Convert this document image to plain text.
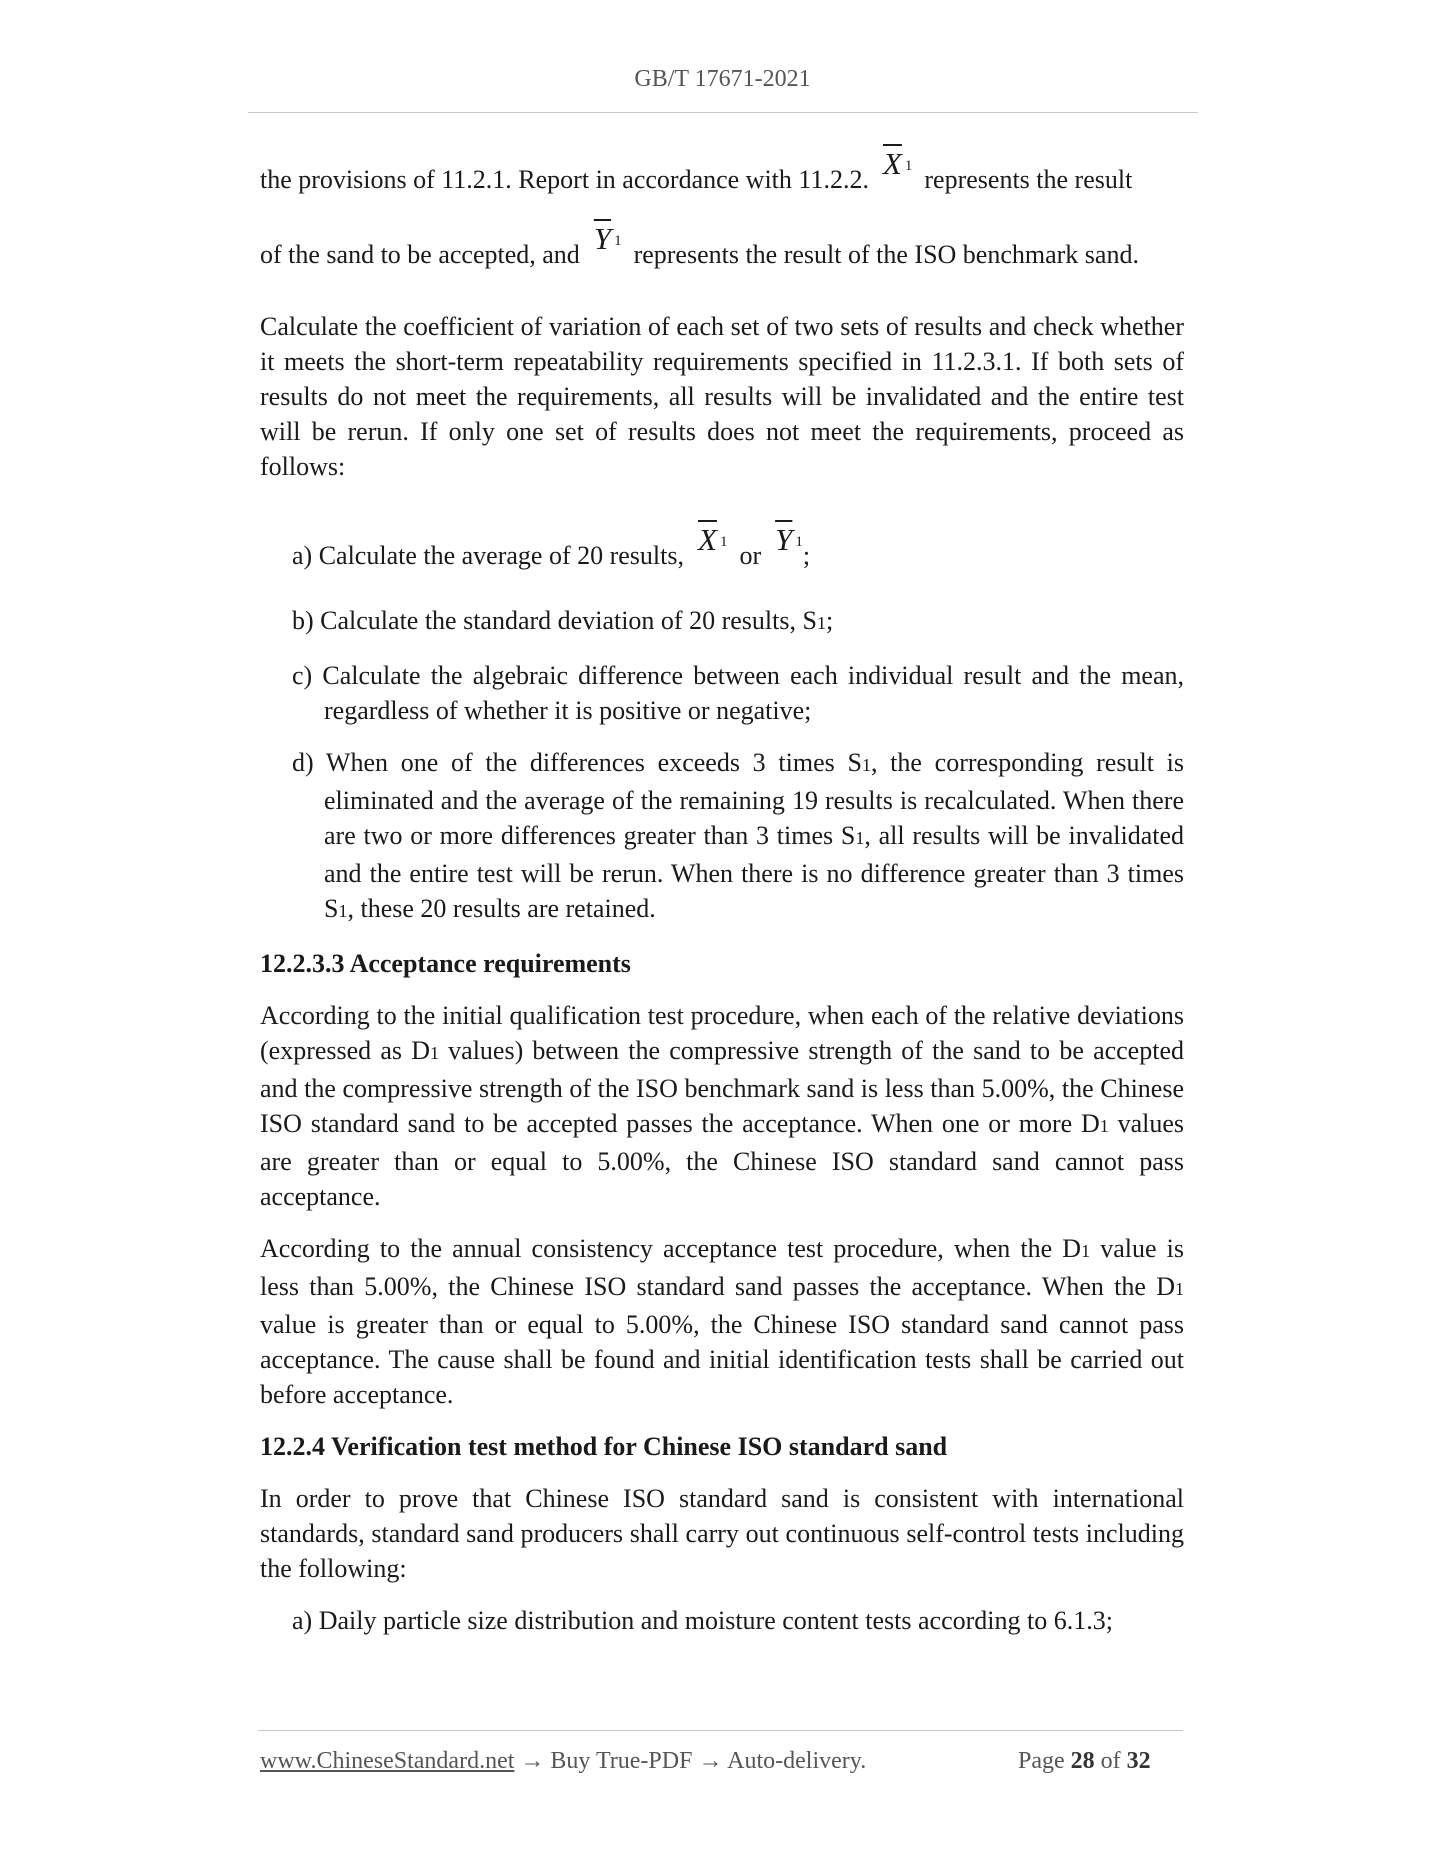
GB/T 17671-2021

the provisions of 11.2.1. Report in accordance with 11.2.2. $\overline{X}$ $^1$ represents the result

of the sand to be accepted, and $\overline{Y}$ $^1$ represents the result of the ISO benchmark sand.

Calculate the coefficient of variation of each set of two sets of results and check whether it meets the short-term repeatability requirements specified in 11.2.3.1. If both sets of results do not meet the requirements, all results will be invalidated and the entire test will be rerun. If only one set of results does not meet the requirements, proceed as follows:

a) Calculate the average of 20 results, $\overline{X}$ $^1$ or $\overline{Y}$ $^1$;

b) Calculate the standard deviation of 20 results, S1;

c) Calculate the algebraic difference between each individual result and the mean, regardless of whether it is positive or negative;

d) When one of the differences exceeds 3 times S1, the corresponding result is eliminated and the average of the remaining 19 results is recalculated. When there are two or more differences greater than 3 times S1, all results will be invalidated and the entire test will be rerun. When there is no difference greater than 3 times S1, these 20 results are retained.

12.2.3.3 Acceptance requirements

According to the initial qualification test procedure, when each of the relative deviations (expressed as D1 values) between the compressive strength of the sand to be accepted and the compressive strength of the ISO benchmark sand is less than 5.00%, the Chinese ISO standard sand to be accepted passes the acceptance. When one or more D1 values are greater than or equal to 5.00%, the Chinese ISO standard sand cannot pass acceptance.

According to the annual consistency acceptance test procedure, when the D1 value is less than 5.00%, the Chinese ISO standard sand passes the acceptance. When the D1 value is greater than or equal to 5.00%, the Chinese ISO standard sand cannot pass acceptance. The cause shall be found and initial identification tests shall be carried out before acceptance.

12.2.4 Verification test method for Chinese ISO standard sand

In order to prove that Chinese ISO standard sand is consistent with international standards, standard sand producers shall carry out continuous self-control tests including the following:

a) Daily particle size distribution and moisture content tests according to 6.1.3;

www.ChineseStandard.net → Buy True-PDF → Auto-delivery.	Page 28 of 32
